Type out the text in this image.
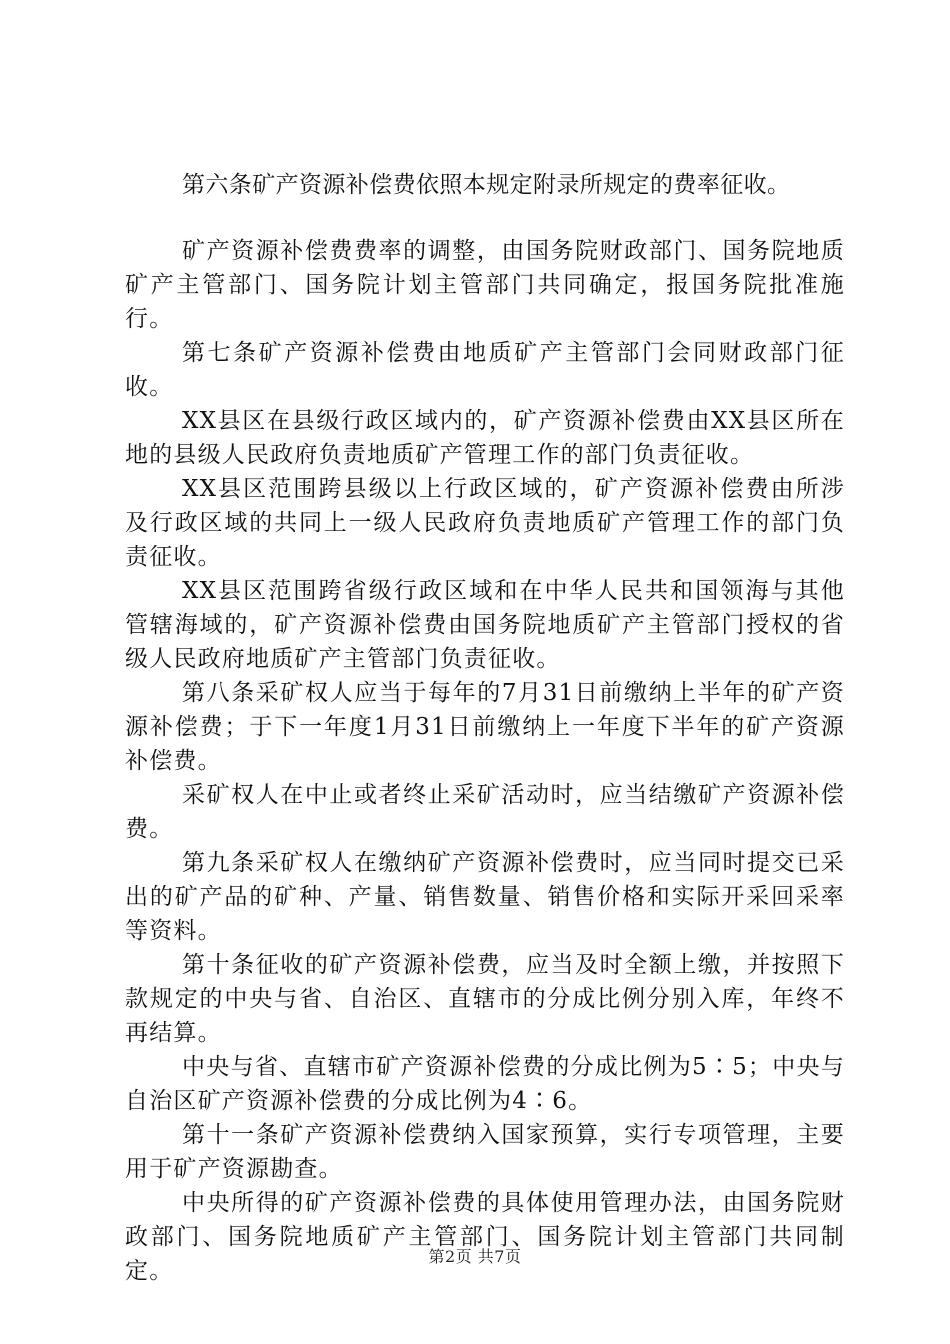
第六条矿产资源补偿费依照本规定附录所规定的费率征收。

矿产资源补偿费费率的调整，由国务院财政部门、国务院地质矿产主管部门、国务院计划主管部门共同确定，报国务院批准施行。

第七条矿产资源补偿费由地质矿产主管部门会同财政部门征收。

XX县区在县级行政区域内的，矿产资源补偿费由XX县区所在地的县级人民政府负责地质矿产管理工作的部门负责征收。

XX县区范围跨县级以上行政区域的，矿产资源补偿费由所涉及行政区域的共同上一级人民政府负责地质矿产管理工作的部门负责征收。

XX县区范围跨省级行政区域和在中华人民共和国领海与其他管辖海域的，矿产资源补偿费由国务院地质矿产主管部门授权的省级人民政府地质矿产主管部门负责征收。

第八条采矿权人应当于每年的7月31日前缴纳上半年的矿产资源补偿费；于下一年度1月31日前缴纳上一年度下半年的矿产资源补偿费。

采矿权人在中止或者终止采矿活动时，应当结缴矿产资源补偿费。

第九条采矿权人在缴纳矿产资源补偿费时，应当同时提交已采出的矿产品的矿种、产量、销售数量、销售价格和实际开采回采率等资料。

第十条征收的矿产资源补偿费，应当及时全额上缴，并按照下款规定的中央与省、自治区、直辖市的分成比例分别入库，年终不再结算。

中央与省、直辖市矿产资源补偿费的分成比例为5∶5；中央与自治区矿产资源补偿费的分成比例为4∶6。

第十一条矿产资源补偿费纳入国家预算，实行专项管理，主要用于矿产资源勘查。

中央所得的矿产资源补偿费的具体使用管理办法，由国务院财政部门、国务院地质矿产主管部门、国务院计划主管部门共同制定。

第2页 共7页
